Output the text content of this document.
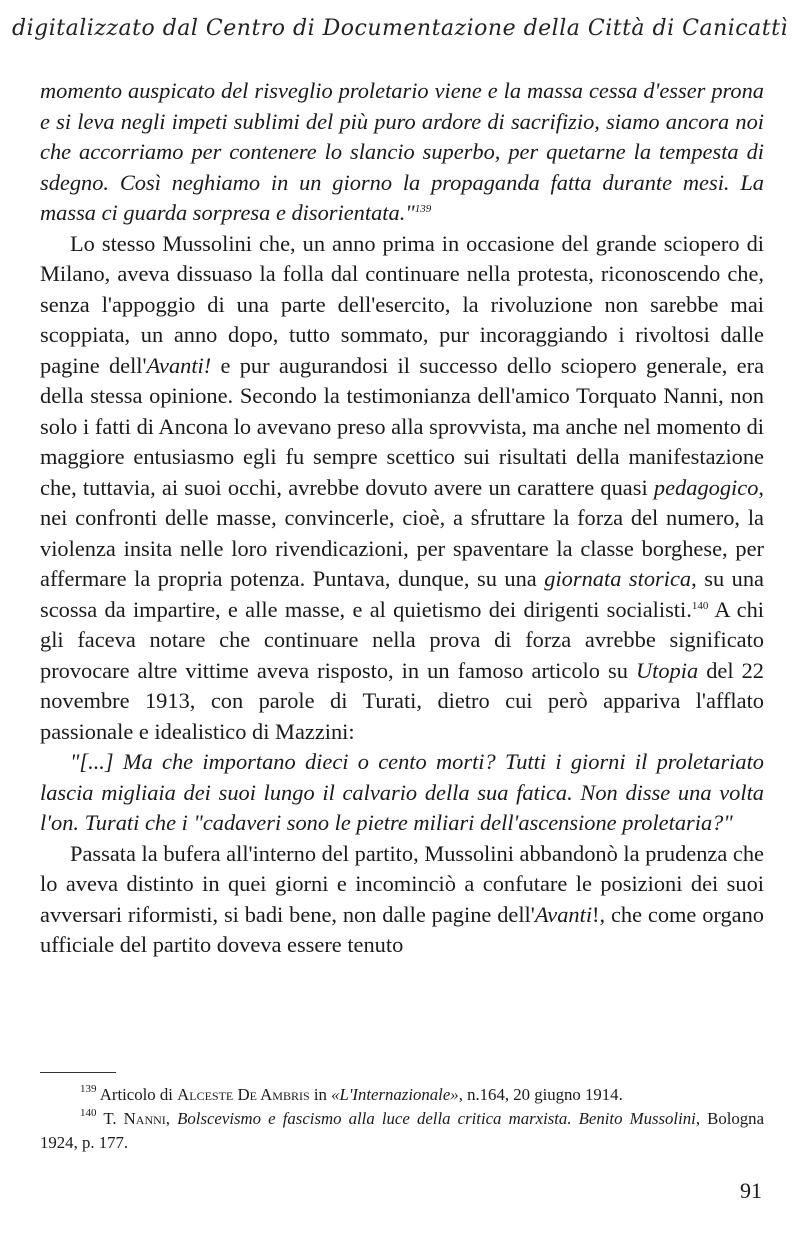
digitalizzato dal Centro di Documentazione della Città di Canicattì

momento auspicato del risveglio proletario viene e la massa cessa d'esser prona e si leva negli impeti sublimi del più puro ardore di sacrifizio, siamo ancora noi che accorriamo per contenere lo slancio superbo, per quetarne la tempesta di sdegno. Così neghiamo in un giorno la propaganda fatta durante mesi. La massa ci guarda sorpresa e disorientata."$^{139}$

Lo stesso Mussolini che, un anno prima in occasione del grande sciopero di Milano, aveva dissuaso la folla dal continuare nella protesta, riconoscendo che, senza l'appoggio di una parte dell'esercito, la rivoluzione non sarebbe mai scoppiata, un anno dopo, tutto sommato, pur incoraggiando i rivoltosi dalle pagine dell'Avanti! e pur augurandosi il successo dello sciopero generale, era della stessa opinione. Secondo la testimonianza dell'amico Torquato Nanni, non solo i fatti di Ancona lo avevano preso alla sprovvista, ma anche nel momento di maggiore entusiasmo egli fu sempre scettico sui risultati della manifestazione che, tuttavia, ai suoi occhi, avrebbe dovuto avere un carattere quasi pedagogico, nei confronti delle masse, convincerle, cioè, a sfruttare la forza del numero, la violenza insita nelle loro rivendicazioni, per spaventare la classe borghese, per affermare la propria potenza. Puntava, dunque, su una giornata storica, su una scossa da impartire, e alle masse, e al quietismo dei dirigenti socialisti.$^{140}$ A chi gli faceva notare che continuare nella prova di forza avrebbe significato provocare altre vittime aveva risposto, in un famoso articolo su Utopia del 22 novembre 1913, con parole di Turati, dietro cui però appariva l'afflato passionale e idealistico di Mazzini:

"[...] Ma che importano dieci o cento morti? Tutti i giorni il proletariato lascia migliaia dei suoi lungo il calvario della sua fatica. Non disse una volta l'on. Turati che i "cadaveri sono le pietre miliari dell'ascensione proletaria?"

Passata la bufera all'interno del partito, Mussolini abbandonò la prudenza che lo aveva distinto in quei giorni e incominciò a confutare le posizioni dei suoi avversari riformisti, si badi bene, non dalle pagine dell'Avanti!, che come organo ufficiale del partito doveva essere tenuto

$^{139}$ Articolo di Alceste De Ambris in «L'Internazionale», n.164, 20 giugno 1914.

$^{140}$ T. Nanni, Bolscevismo e fascismo alla luce della critica marxista. Benito Mussolini, Bologna 1924, p. 177.

91
